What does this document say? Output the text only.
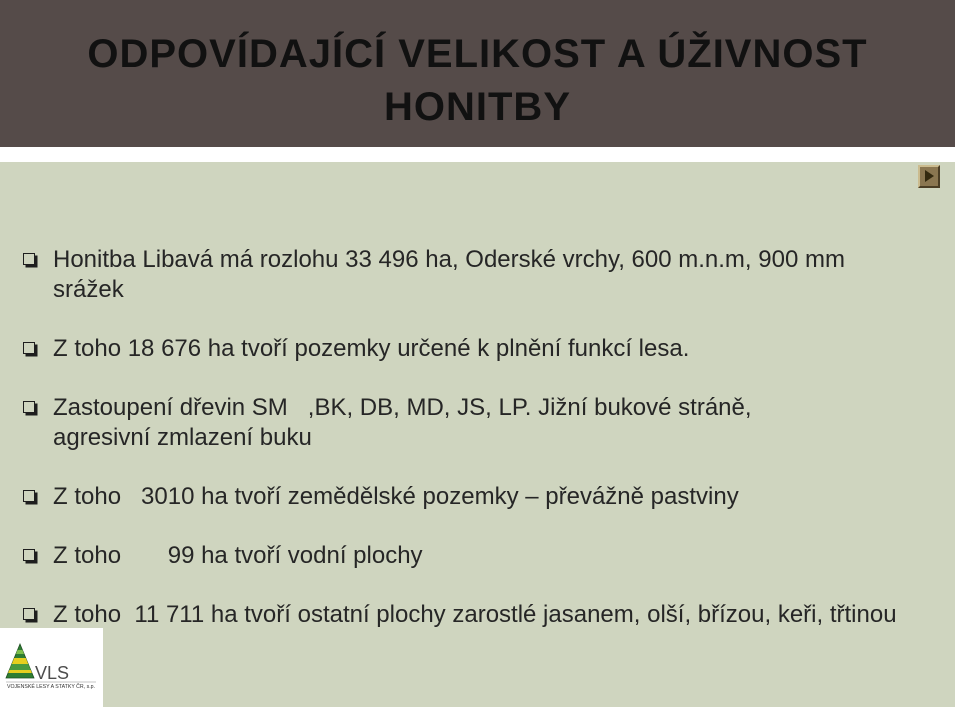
ODPOVÍDAJÍCÍ VELIKOST A ÚŽIVNOST
HONITBY
Honitba Libavá má rozlohu 33 496 ha, Oderské vrchy, 600 m.n.m, 900 mm
srážek
Z toho 18 676 ha tvoří pozemky určené k plnění funkcí lesa.
Zastoupení dřevin SM   ,BK, DB, MD, JS, LP. Jižní bukové stráně,
agresivní zmlazení buku
Z toho   3010 ha tvoří zemědělské pozemky – převážně pastviny
Z toho       99 ha tvoří vodní plochy
Z toho  11 711 ha tvoří ostatní plochy zarostlé jasanem, olší, břízou, keři, třtinou
VLS
VOJENSKÉ LESY A STATKY ČR, s.p.
